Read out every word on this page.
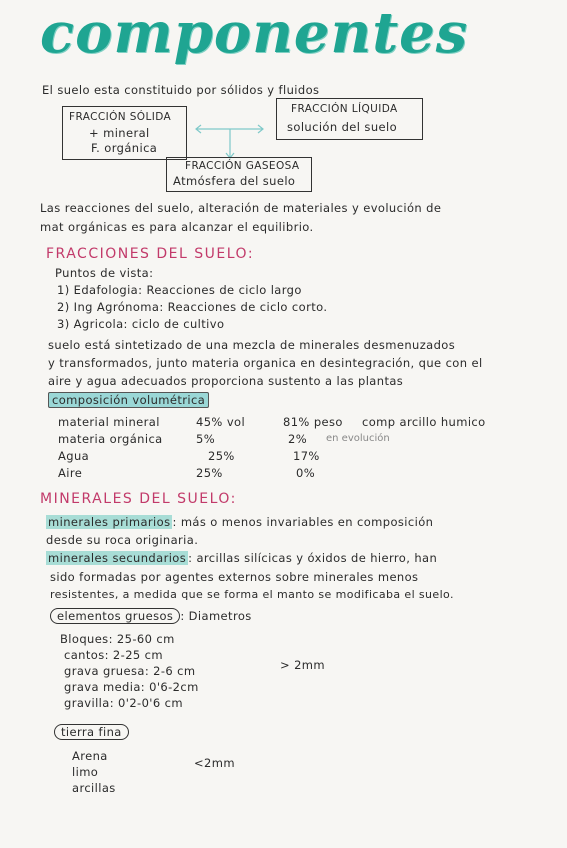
componentes
El suelo esta constituido por sólidos y fluidos
FRACCIÓN SÓLIDA
+ mineral
F. orgánica
FRACCIÓN LÍQUIDA
solución del suelo
FRACCIÓN GASEOSA
Atmósfera del suelo
Las reacciones del suelo, alteración de materiales y evolución de
mat orgánicas es para alcanzar el equilibrio.
FRACCIONES DEL SUELO:
Puntos de vista:
1) Edafologia: Reacciones de ciclo largo
2) Ing Agrónoma: Reacciones de ciclo corto.
3) Agricola: ciclo de cultivo
suelo está sintetizado de una mezcla de minerales desmenuzados
y transformados, junto materia organica en desintegración, que con el
aire y agua adecuados proporciona sustento a las plantas
composición volumétrica
material mineral	45% vol	81% peso comp arcillo humico
materia orgánica	5%	2% en evolución
Agua	25%	17%
Aire	25%	0%
MINERALES DEL SUELO:
minerales primarios : más o menos invariables en composición
desde su roca originaria.
minerales secundarios : arcillas silícicas y óxidos de hierro, han
sido formadas por agentes externos sobre minerales menos
resistentes, a medida que se forma el manto se modificaba el suelo.
elementos gruesos : Diametros
Bloques: 25-60 cm
cantos: 2-25 cm
grava gruesa: 2-6 cm
grava media: 0'6-2cm
gravilla: 0'2-0'6 cm
> 2mm
tierra fina
Arena
limo
arcillas
<2mm
